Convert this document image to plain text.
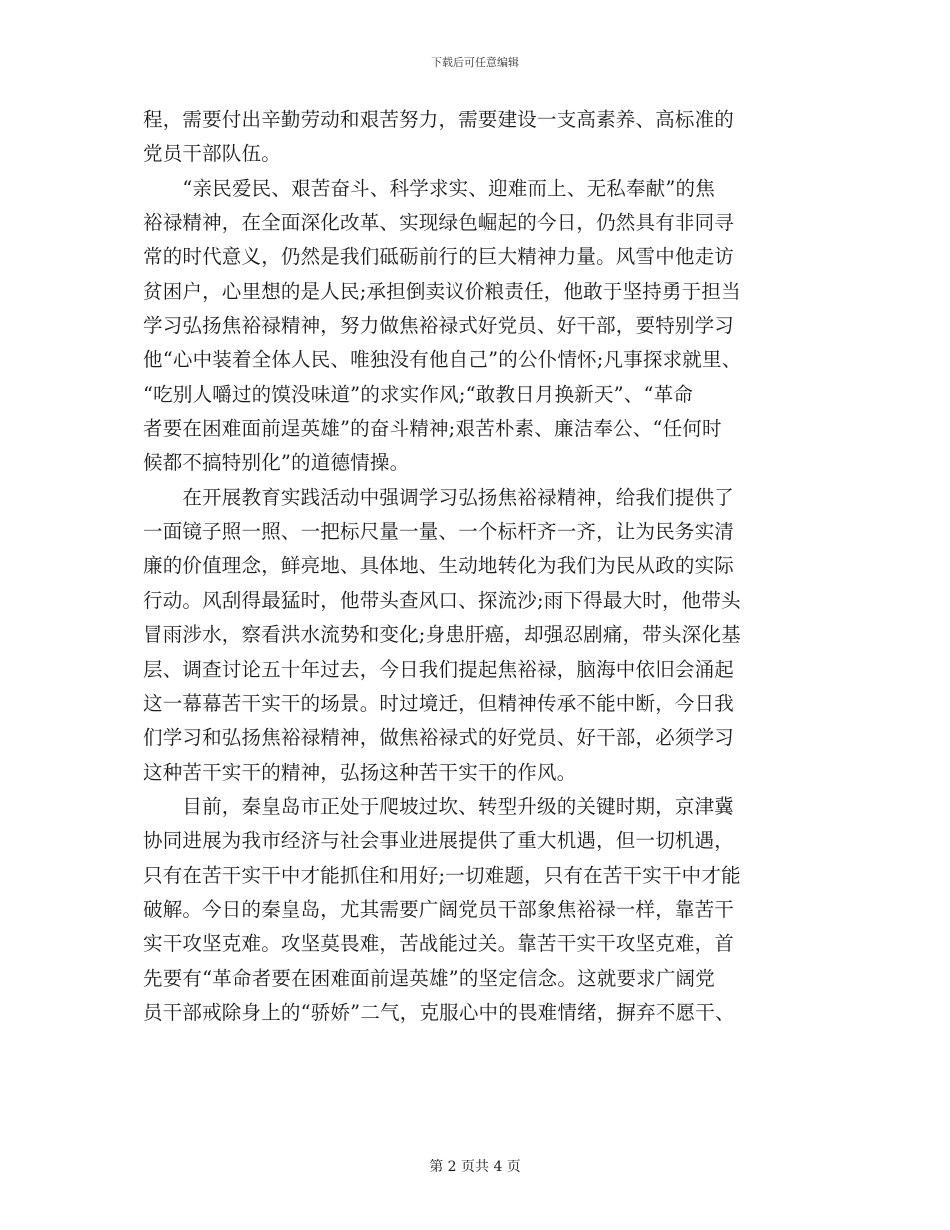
下载后可任意编辑
程，需要付出辛勤劳动和艰苦努力，需要建设一支高素养、高标准的
党员干部队伍。
　　“亲民爱民、艰苦奋斗、科学求实、迎难而上、无私奉献”的焦
裕禄精神，在全面深化改革、实现绿色崛起的今日，仍然具有非同寻
常的时代意义，仍然是我们砥砺前行的巨大精神力量。风雪中他走访
贫困户，心里想的是人民;承担倒卖议价粮责任，他敢于坚持勇于担当
学习弘扬焦裕禄精神，努力做焦裕禄式好党员、好干部，要特别学习
他“心中装着全体人民、唯独没有他自己”的公仆情怀;凡事探求就里、
“吃别人嚼过的馍没味道”的求实作风;“敢教日月换新天”、“革命
者要在困难面前逞英雄”的奋斗精神;艰苦朴素、廉洁奉公、“任何时
候都不搞特别化”的道德情操。
　　在开展教育实践活动中强调学习弘扬焦裕禄精神，给我们提供了
一面镜子照一照、一把标尺量一量、一个标杆齐一齐，让为民务实清
廉的价值理念，鲜亮地、具体地、生动地转化为我们为民从政的实际
行动。风刮得最猛时，他带头查风口、探流沙;雨下得最大时，他带头
冒雨涉水，察看洪水流势和变化;身患肝癌，却强忍剧痛，带头深化基
层、调查讨论五十年过去，今日我们提起焦裕禄，脑海中依旧会涌起
这一幕幕苦干实干的场景。时过境迁，但精神传承不能中断，今日我
们学习和弘扬焦裕禄精神，做焦裕禄式的好党员、好干部，必须学习
这种苦干实干的精神，弘扬这种苦干实干的作风。
　　目前，秦皇岛市正处于爬坡过坎、转型升级的关键时期，京津冀
协同进展为我市经济与社会事业进展提供了重大机遇，但一切机遇，
只有在苦干实干中才能抓住和用好;一切难题，只有在苦干实干中才能
破解。今日的秦皇岛，尤其需要广阔党员干部象焦裕禄一样，靠苦干
实干攻坚克难。攻坚莫畏难，苦战能过关。靠苦干实干攻坚克难，首
先要有“革命者要在困难面前逞英雄”的坚定信念。这就要求广阔党
员干部戒除身上的“骄娇”二气，克服心中的畏难情绪，摒弃不愿干、
第 2 页共 4 页
